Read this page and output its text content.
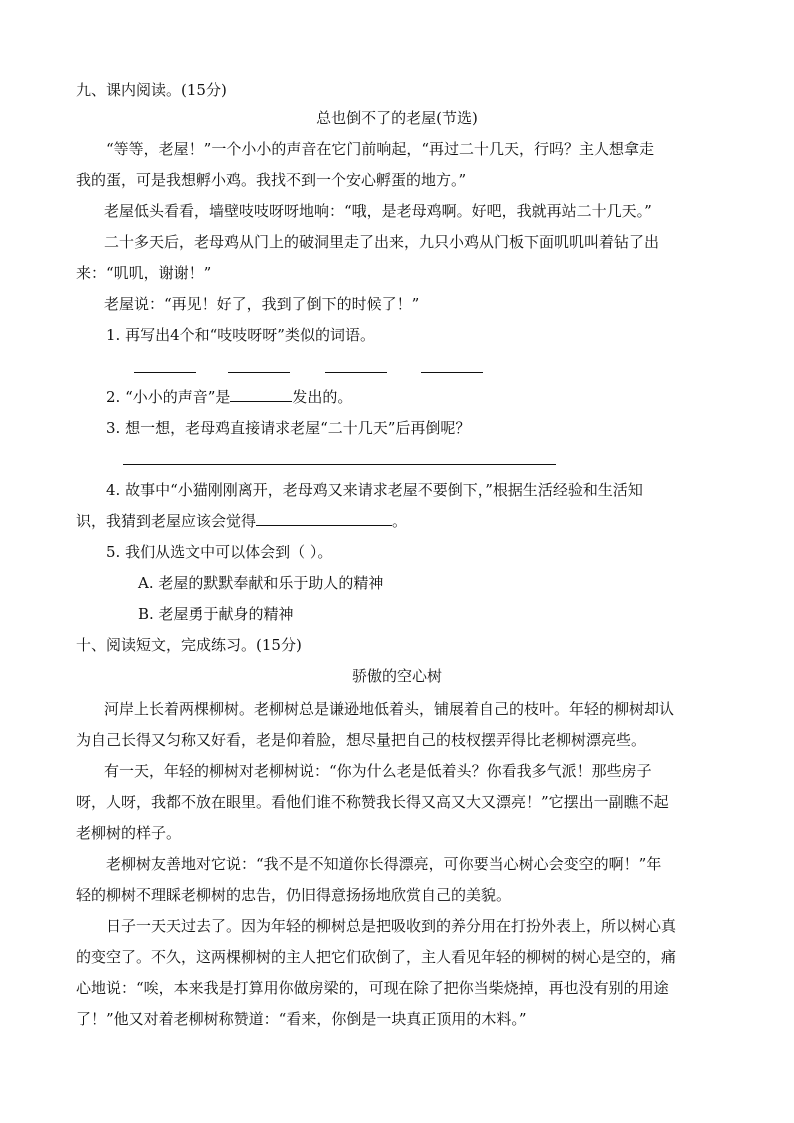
九、课内阅读。(15分)
总也倒不了的老屋(节选)
“等等，老屋！”一个小小的声音在它门前响起，“再过二十几天，行吗？主人想拿走
我的蛋，可是我想孵小鸡。我找不到一个安心孵蛋的地方。”
老屋低头看看，墙壁吱吱呀呀地响：“哦，是老母鸡啊。好吧，我就再站二十几天。”
二十多天后，老母鸡从门上的破洞里走了出来，九只小鸡从门板下面叽叽叫着钻了出
来：“叽叽，谢谢！”
老屋说：“再见！好了，我到了倒下的时候了！”
1. 再写出4个和“吱吱呀呀”类似的词语。
2. “小小的声音”是	发出的。
3. 想一想，老母鸡直接请求老屋“二十几天”后再倒呢？
4. 故事中“小猫刚刚离开，老母鸡又来请求老屋不要倒下，”根据生活经验和生活知
识，我猜到老屋应该会觉得	。
5. 我们从选文中可以体会到（ ）。
A. 老屋的默默奉献和乐于助人的精神
B. 老屋勇于献身的精神
十、阅读短文，完成练习。(15分)
骄傲的空心树
河岸上长着两棵柳树。老柳树总是谦逊地低着头，铺展着自己的枝叶。年轻的柳树却认
为自己长得又匀称又好看，老是仰着脸，想尽量把自己的枝杈摆弄得比老柳树漂亮些。
有一天，年轻的柳树对老柳树说：“你为什么老是低着头？你看我多气派！那些房子
呀，人呀，我都不放在眼里。看他们谁不称赞我长得又高又大又漂亮！”它摆出一副瞧不起
老柳树的样子。
老柳树友善地对它说：“我不是不知道你长得漂亮，可你要当心树心会变空的啊！”年
轻的柳树不理睬老柳树的忠告，仍旧得意扬扬地欣赏自己的美貌。
日子一天天过去了。因为年轻的柳树总是把吸收到的养分用在打扮外表上，所以树心真
的变空了。不久，这两棵柳树的主人把它们砍倒了，主人看见年轻的柳树的树心是空的，痛
心地说：“唉，本来我是打算用你做房梁的，可现在除了把你当柴烧掉，再也没有别的用途
了！”他又对着老柳树称赞道：“看来，你倒是一块真正顶用的木料。”
